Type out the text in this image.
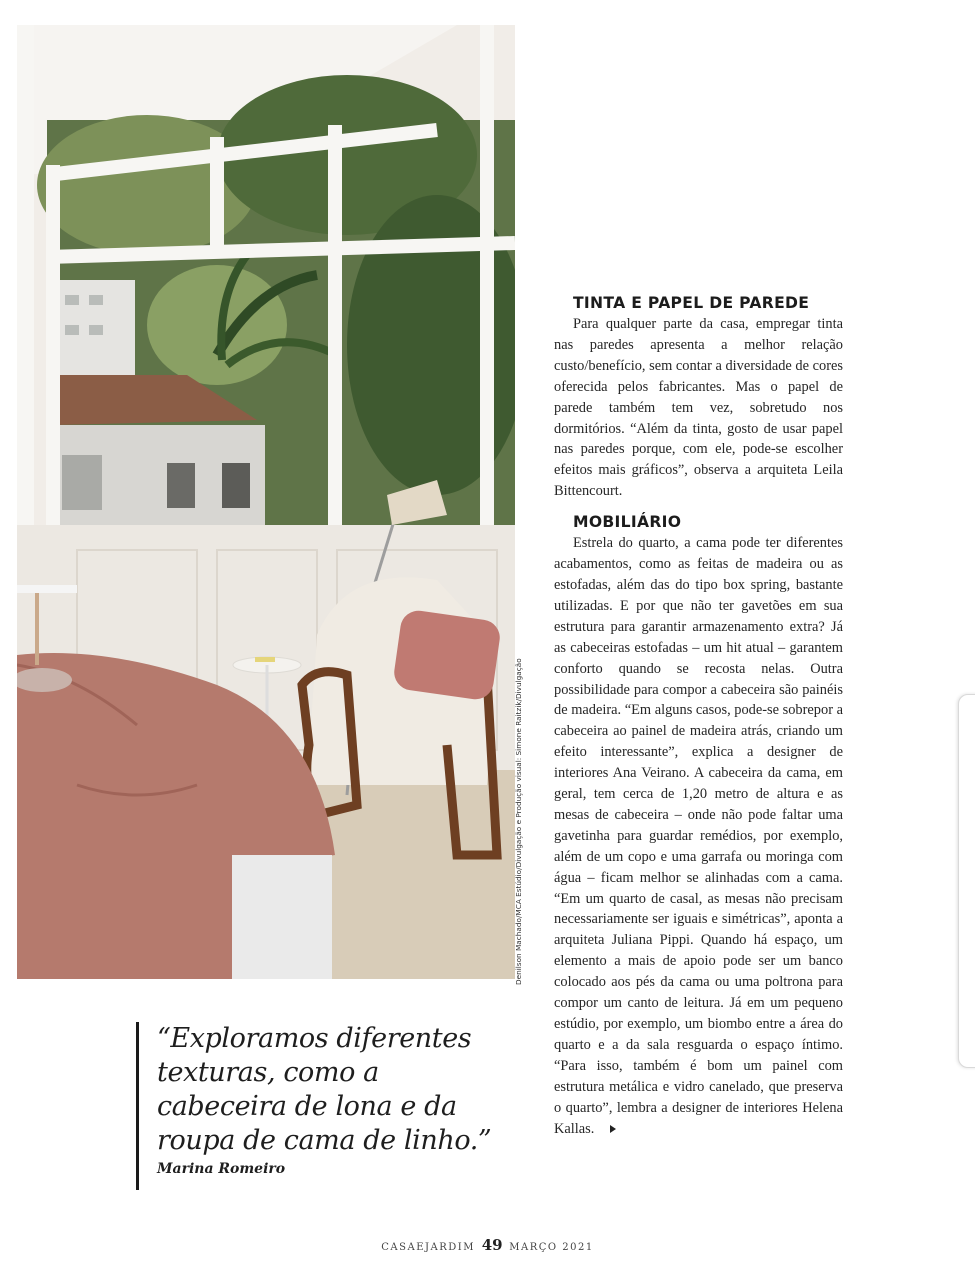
Denilson Machado/MCA Estúdio/Divulgação e Produção visual: Simone Raitzik/Divulgação
TINTA E PAPEL DE PAREDE

Para qualquer parte da casa, empregar tinta nas paredes apresenta a melhor relação custo/benefício, sem contar a diversidade de cores oferecida pelos fabricantes. Mas o papel de parede também tem vez, sobretudo nos dormitórios. “Além da tinta, gosto de usar papel nas paredes porque, com ele, pode-se escolher efeitos mais gráficos”, observa a arquiteta Leila Bittencourt.

MOBILIÁRIO

Estrela do quarto, a cama pode ter diferentes acabamentos, como as feitas de madeira ou as estofadas, além das do tipo box spring, bastante utilizadas. E por que não ter gavetões em sua estrutura para garantir armazenamento extra? Já as cabeceiras estofadas – um hit atual – garantem conforto quando se recosta nelas. Outra possibilidade para compor a cabeceira são painéis de madeira. “Em alguns casos, pode-se sobrepor a cabeceira ao painel de madeira atrás, criando um efeito interessante”, explica a designer de interiores Ana Veirano. A cabeceira da cama, em geral, tem cerca de 1,20 metro de altura e as mesas de cabeceira – onde não pode faltar uma gavetinha para guardar remédios, por exemplo, além de um copo e uma garrafa ou moringa com água – ficam melhor se alinhadas com a cama. “Em um quarto de casal, as mesas não precisam necessariamente ser iguais e simétricas”, aponta a arquiteta Juliana Pippi. Quando há espaço, um elemento a mais de apoio pode ser um banco colocado aos pés da cama ou uma poltrona para compor um canto de leitura. Já em um pequeno estúdio, por exemplo, um biombo entre a área do quarto e a da sala resguarda o espaço íntimo. “Para isso, também é bom um painel com estrutura metálica e vidro canelado, que preserva o quarto”, lembra a designer de interiores Helena Kallas.

“Exploramos diferentes texturas, como a cabeceira de lona e da roupa de cama de linho.”

Marina Romeiro
CASAEJARDIM 49 MARÇO 2021
